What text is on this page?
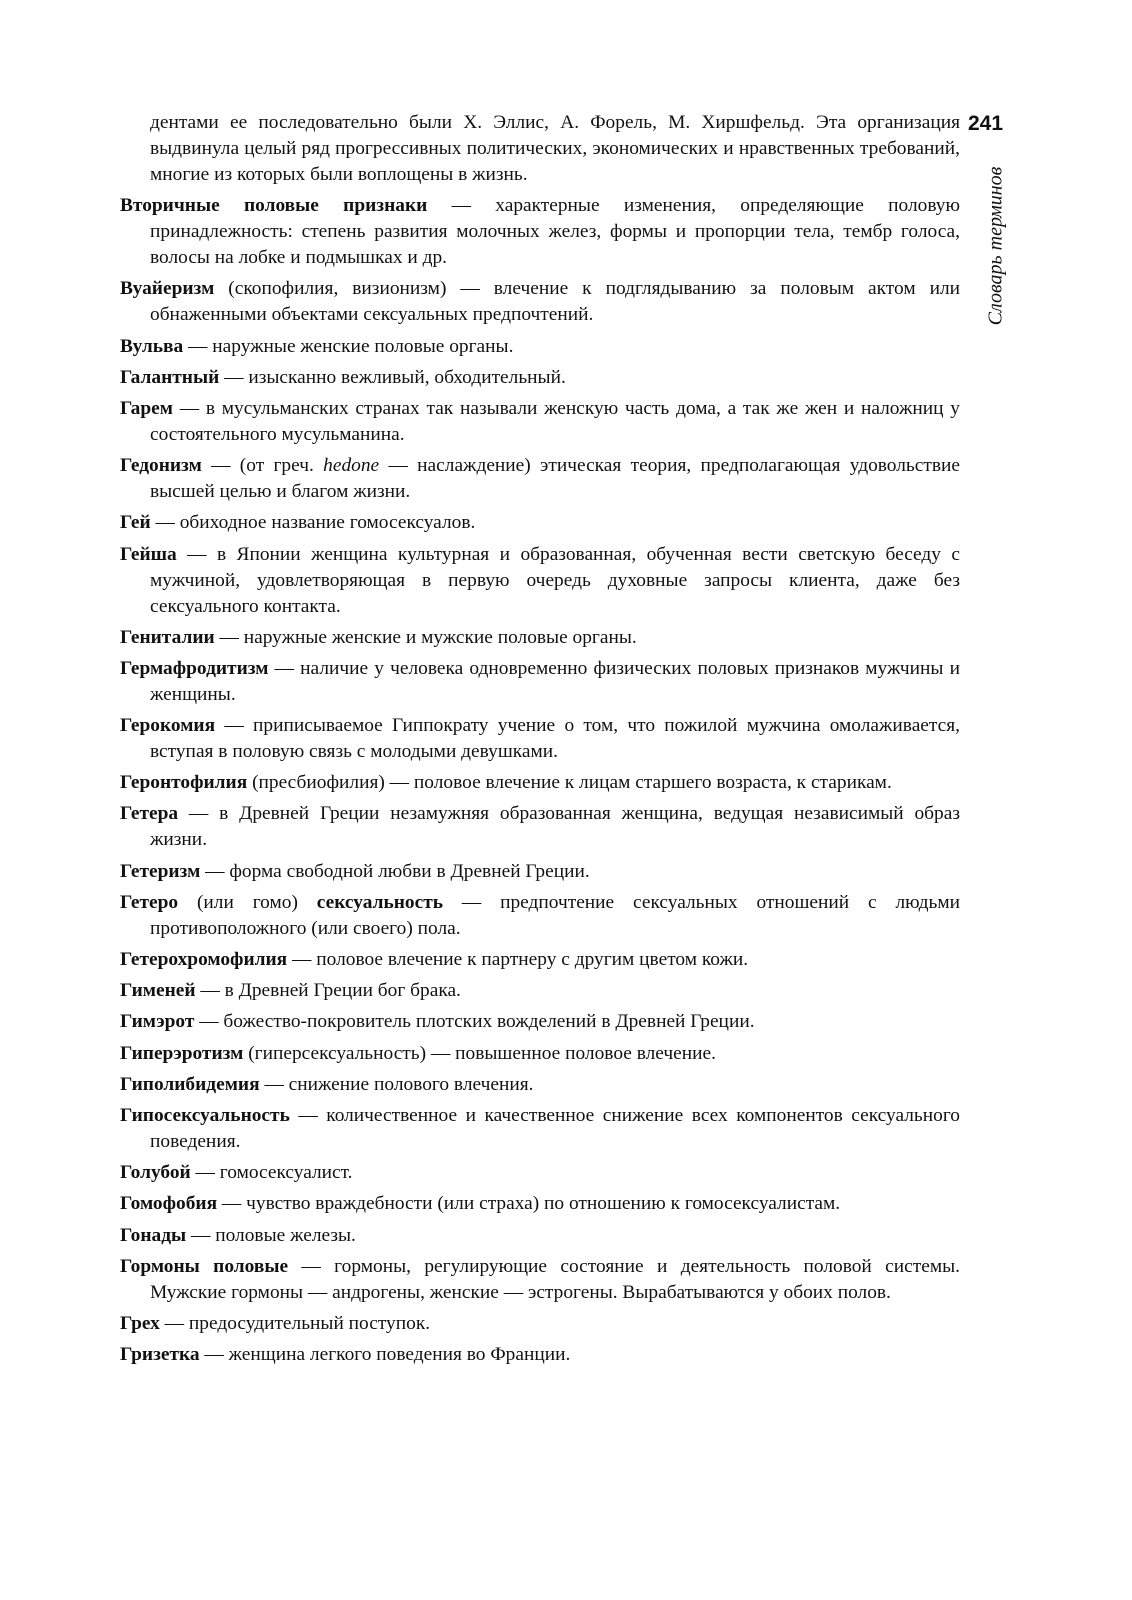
241
Словарь терминов

дентами ее последовательно были Х. Эллис, А. Форель, М. Хиршфельд. Эта организация выдвинула целый ряд прогрессивных политических, экономических и нравственных требований, многие из которых были воплощены в жизнь.

Вторичные половые признаки — характерные изменения, определяющие половую принадлежность: степень развития молочных желез, формы и пропорции тела, тембр голоса, волосы на лобке и подмышках и др.

Вуайеризм (скопофилия, визионизм) — влечение к подглядыванию за половым актом или обнаженными объектами сексуальных предпочтений.

Вульва — наружные женские половые органы.

Галантный — изысканно вежливый, обходительный.

Гарем — в мусульманских странах так называли женскую часть дома, а так же жен и наложниц у состоятельного мусульманина.

Гедонизм — (от греч. hedone — наслаждение) этическая теория, предполагающая удовольствие высшей целью и благом жизни.

Гей — обиходное название гомосексуалов.

Гейша — в Японии женщина культурная и образованная, обученная вести светскую беседу с мужчиной, удовлетворяющая в первую очередь духовные запросы клиента, даже без сексуального контакта.

Гениталии — наружные женские и мужские половые органы.

Гермафродитизм — наличие у человека одновременно физических половых признаков мужчины и женщины.

Герокомия — приписываемое Гиппократу учение о том, что пожилой мужчина омолаживается, вступая в половую связь с молодыми девушками.

Геронтофилия (пресбиофилия) — половое влечение к лицам старшего возраста, к старикам.

Гетера — в Древней Греции незамужняя образованная женщина, ведущая независимый образ жизни.

Гетеризм — форма свободной любви в Древней Греции.

Гетеро (или гомо) сексуальность — предпочтение сексуальных отношений с людьми противоположного (или своего) пола.

Гетерохромофилия — половое влечение к партнеру с другим цветом кожи.

Гименей — в Древней Греции бог брака.

Гимэрот — божество-покровитель плотских вожделений в Древней Греции.

Гиперэротизм (гиперсексуальность) — повышенное половое влечение.

Гиполибидемия — снижение полового влечения.

Гипосексуальность — количественное и качественное снижение всех компонентов сексуального поведения.

Голубой — гомосексуалист.

Гомофобия — чувство враждебности (или страха) по отношению к гомосексуалистам.

Гонады — половые железы.

Гормоны половые — гормоны, регулирующие состояние и деятельность половой системы. Мужские гормоны — андрогены, женские — эстрогены. Вырабатываются у обоих полов.

Грех — предосудительный поступок.

Гризетка — женщина легкого поведения во Франции.
